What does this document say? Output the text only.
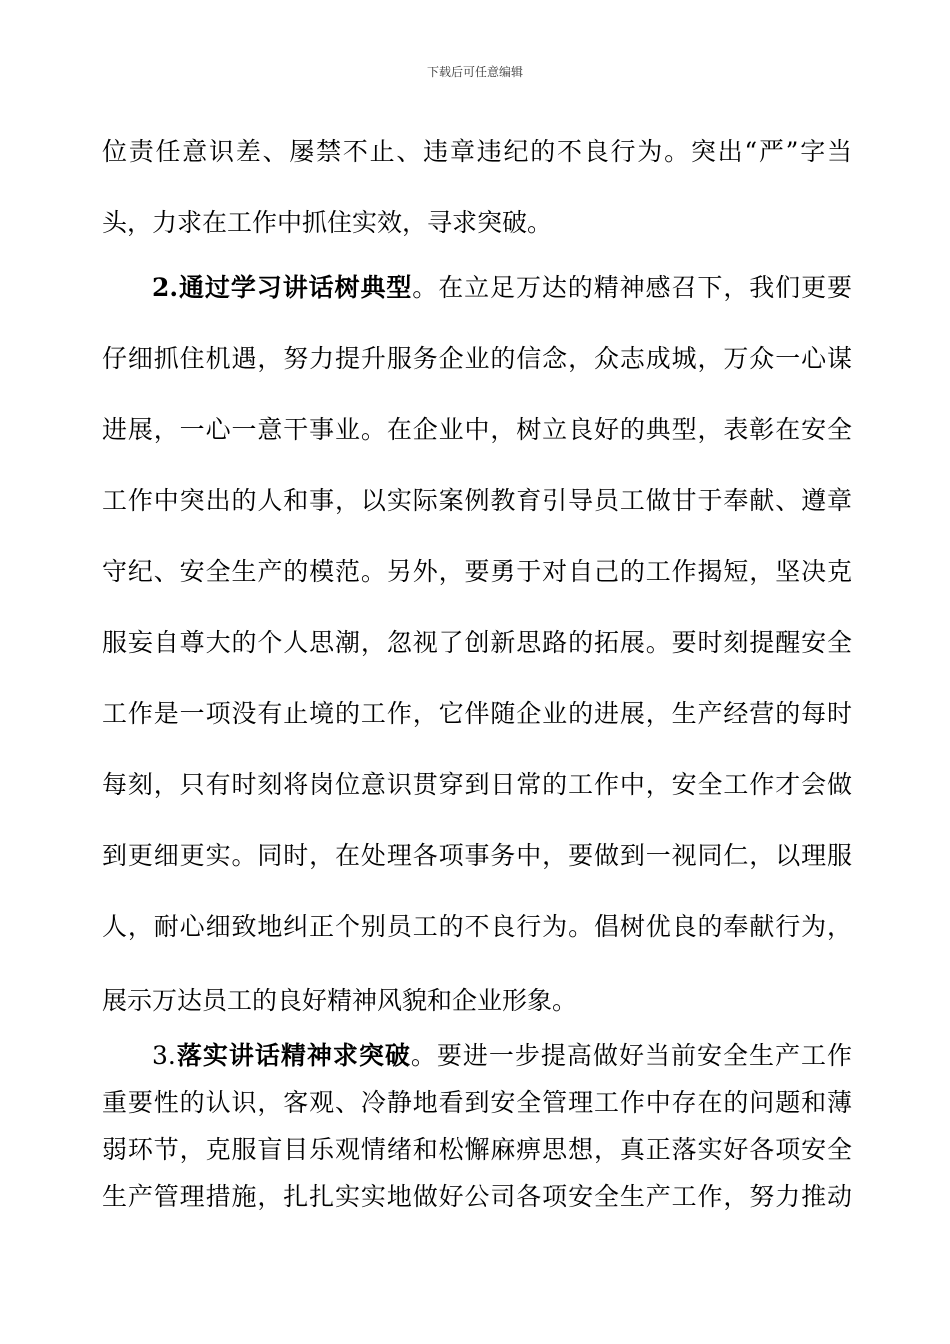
下载后可任意编辑
位责任意识差、屡禁不止、违章违纪的不良行为。突出“严”字当
头，力求在工作中抓住实效，寻求突破。
2.通过学习讲话树典型。在立足万达的精神感召下，我们更要
仔细抓住机遇，努力提升服务企业的信念，众志成城，万众一心谋
进展，一心一意干事业。在企业中，树立良好的典型，表彰在安全
工作中突出的人和事，以实际案例教育引导员工做甘于奉献、遵章
守纪、安全生产的模范。另外，要勇于对自己的工作揭短，坚决克
服妄自尊大的个人思潮，忽视了创新思路的拓展。要时刻提醒安全
工作是一项没有止境的工作，它伴随企业的进展，生产经营的每时
每刻，只有时刻将岗位意识贯穿到日常的工作中，安全工作才会做
到更细更实。同时，在处理各项事务中，要做到一视同仁，以理服
人，耐心细致地纠正个别员工的不良行为。倡树优良的奉献行为，
展示万达员工的良好精神风貌和企业形象。
3.落实讲话精神求突破。要进一步提高做好当前安全生产工作
重要性的认识，客观、冷静地看到安全管理工作中存在的问题和薄
弱环节，克服盲目乐观情绪和松懈麻痹思想，真正落实好各项安全
生产管理措施，扎扎实实地做好公司各项安全生产工作，努力推动
